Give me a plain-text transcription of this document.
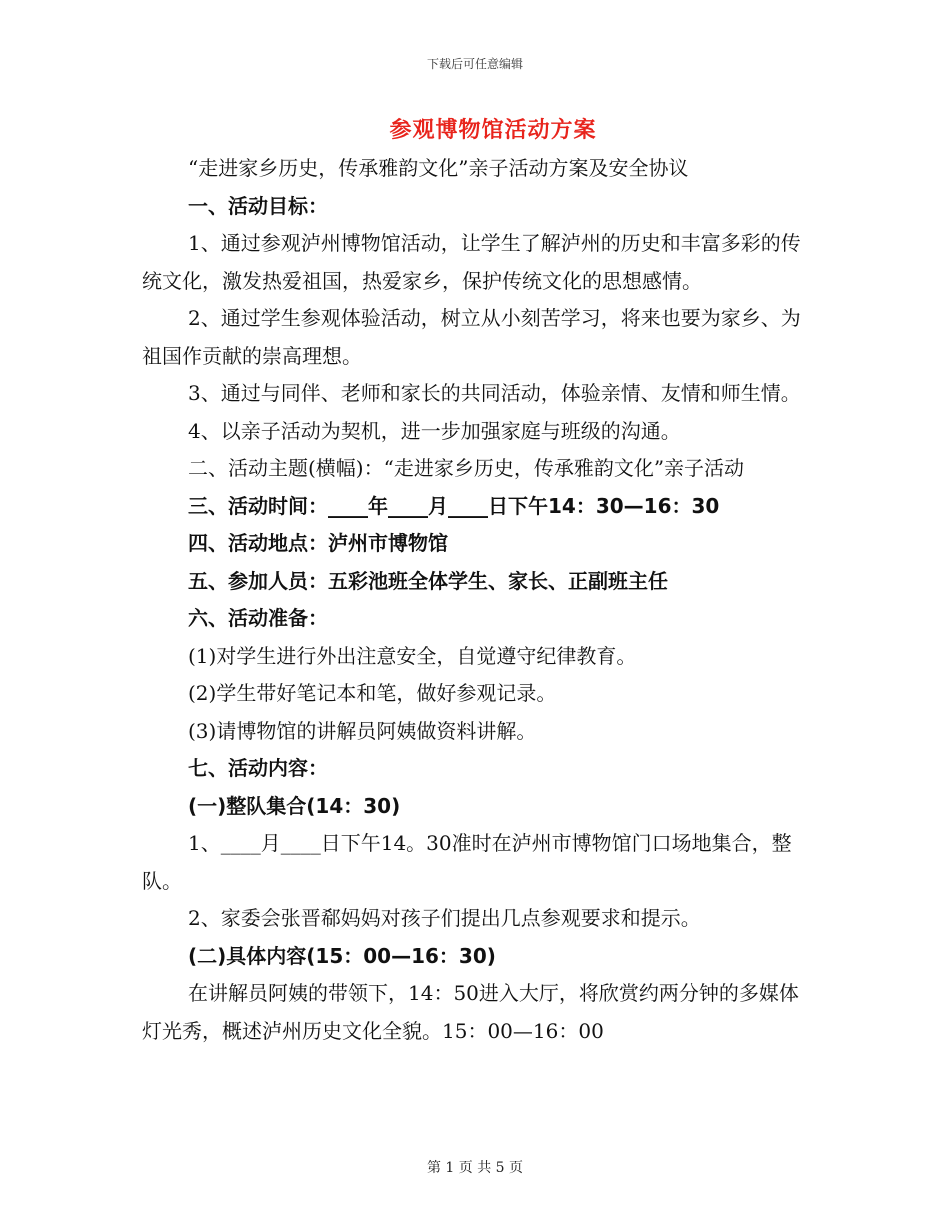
下载后可任意编辑
参观博物馆活动方案

“走进家乡历史，传承雅韵文化”亲子活动方案及安全协议

一、活动目标：

1、通过参观泸州博物馆活动，让学生了解泸州的历史和丰富多彩的传统文化，激发热爱祖国，热爱家乡，保护传统文化的思想感情。

2、通过学生参观体验活动，树立从小刻苦学习，将来也要为家乡、为祖国作贡献的崇高理想。

3、通过与同伴、老师和家长的共同活动，体验亲情、友情和师生情。

4、以亲子活动为契机，进一步加强家庭与班级的沟通。

二、活动主题(横幅)：“走进家乡历史，传承雅韵文化”亲子活动

三、活动时间：____年____月____日下午14：30—16：30

四、活动地点：泸州市博物馆

五、参加人员：五彩池班全体学生、家长、正副班主任

六、活动准备：

(1)对学生进行外出注意安全，自觉遵守纪律教育。

(2)学生带好笔记本和笔，做好参观记录。

(3)请博物馆的讲解员阿姨做资料讲解。

七、活动内容：

(一)整队集合(14：30)

1、____月____日下午14。30准时在泸州市博物馆门口场地集合，整队。

2、家委会张晋郗妈妈对孩子们提出几点参观要求和提示。

(二)具体内容(15：00—16：30)

在讲解员阿姨的带领下，14：50进入大厅，将欣赏约两分钟的多媒体灯光秀，概述泸州历史文化全貌。15：00—16：00

第 1 页 共 5 页
